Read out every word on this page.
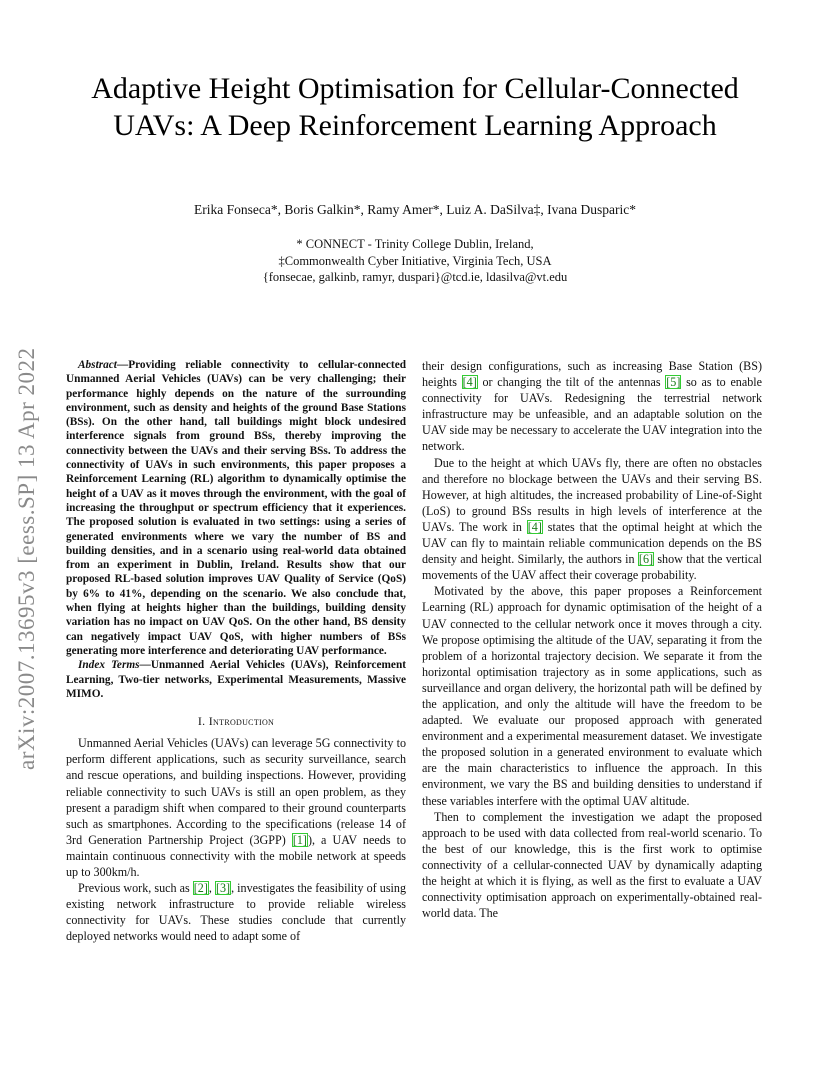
arXiv:2007.13695v3 [eess.SP] 13 Apr 2022
Adaptive Height Optimisation for Cellular-Connected UAVs: A Deep Reinforcement Learning Approach
Erika Fonseca*, Boris Galkin*, Ramy Amer*, Luiz A. DaSilva‡, Ivana Dusparic*
* CONNECT - Trinity College Dublin, Ireland,
‡Commonwealth Cyber Initiative, Virginia Tech, USA
{fonsecae, galkinb, ramyr, duspari}@tcd.ie, ldasilva@vt.edu

Abstract—Providing reliable connectivity to cellular-connected Unmanned Aerial Vehicles (UAVs) can be very challenging; their performance highly depends on the nature of the surrounding environment, such as density and heights of the ground Base Stations (BSs). On the other hand, tall buildings might block undesired interference signals from ground BSs, thereby improving the connectivity between the UAVs and their serving BSs. To address the connectivity of UAVs in such environments, this paper proposes a Reinforcement Learning (RL) algorithm to dynamically optimise the height of a UAV as it moves through the environment, with the goal of increasing the throughput or spectrum efficiency that it experiences. The proposed solution is evaluated in two settings: using a series of generated environments where we vary the number of BS and building densities, and in a scenario using real-world data obtained from an experiment in Dublin, Ireland. Results show that our proposed RL-based solution improves UAV Quality of Service (QoS) by 6% to 41%, depending on the scenario. We also conclude that, when flying at heights higher than the buildings, building density variation has no impact on UAV QoS. On the other hand, BS density can negatively impact UAV QoS, with higher numbers of BSs generating more interference and deteriorating UAV performance.

Index Terms—Unmanned Aerial Vehicles (UAVs), Reinforcement Learning, Two-tier networks, Experimental Measurements, Massive MIMO.

I. Introduction

Unmanned Aerial Vehicles (UAVs) can leverage 5G connectivity to perform different applications, such as security surveillance, search and rescue operations, and building inspections. However, providing reliable connectivity to such UAVs is still an open problem, as they present a paradigm shift when compared to their ground counterparts such as smartphones. According to the specifications (release 14 of 3rd Generation Partnership Project (3GPP) [1]), a UAV needs to maintain continuous connectivity with the mobile network at speeds up to 300km/h.

Previous work, such as [2], [3], investigates the feasibility of using existing network infrastructure to provide reliable wireless connectivity for UAVs. These studies conclude that currently deployed networks would need to adapt some of

their design configurations, such as increasing Base Station (BS) heights [4] or changing the tilt of the antennas [5] so as to enable connectivity for UAVs. Redesigning the terrestrial network infrastructure may be unfeasible, and an adaptable solution on the UAV side may be necessary to accelerate the UAV integration into the network.

Due to the height at which UAVs fly, there are often no obstacles and therefore no blockage between the UAVs and their serving BS. However, at high altitudes, the increased probability of Line-of-Sight (LoS) to ground BSs results in high levels of interference at the UAVs. The work in [4] states that the optimal height at which the UAV can fly to maintain reliable communication depends on the BS density and height. Similarly, the authors in [6] show that the vertical movements of the UAV affect their coverage probability.

Motivated by the above, this paper proposes a Reinforcement Learning (RL) approach for dynamic optimisation of the height of a UAV connected to the cellular network once it moves through a city. We propose optimising the altitude of the UAV, separating it from the problem of a horizontal trajectory decision. We separate it from the horizontal optimisation trajectory as in some applications, such as surveillance and organ delivery, the horizontal path will be defined by the application, and only the altitude will have the freedom to be adapted. We evaluate our proposed approach with generated environment and a experimental measurement dataset. We investigate the proposed solution in a generated environment to evaluate which are the main characteristics to influence the approach. In this environment, we vary the BS and building densities to understand if these variables interfere with the optimal UAV altitude.

Then to complement the investigation we adapt the proposed approach to be used with data collected from real-world scenario. To the best of our knowledge, this is the first work to optimise connectivity of a cellular-connected UAV by dynamically adapting the height at which it is flying, as well as the first to evaluate a UAV connectivity optimisation approach on experimentally-obtained real-world data. The
